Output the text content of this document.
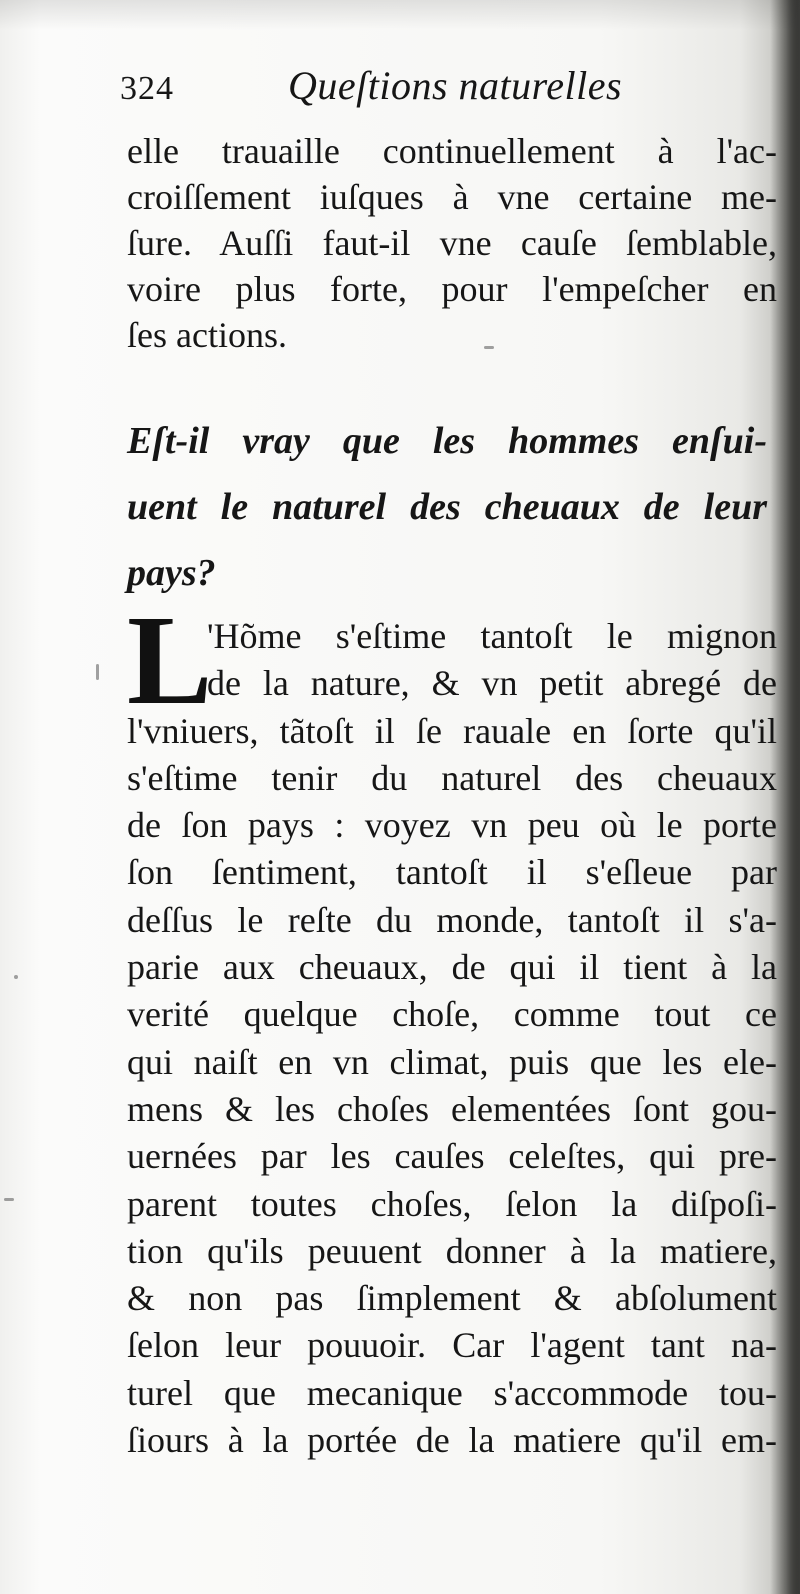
324	Queſtions naturelles
elle trauaille continuellement à l'ac-
croiſſement iuſques à vne certaine me-
ſure. Auſſi faut-il vne cauſe ſemblable,
voire plus forte, pour l'empeſcher en
ſes actions.
Eſt-il vray que les hommes enſui-
uent le naturel des cheuaux de leur
pays?
L
'Hõme s'eſtime tantoſt le mignon
de la nature, & vn petit abregé de
l'vniuers, tãtoſt il ſe rauale en ſorte qu'il
s'eſtime tenir du naturel des cheuaux
de ſon pays : voyez vn peu où le porte
ſon ſentiment, tantoſt il s'eſleue par
deſſus le reſte du monde, tantoſt il s'a-
parie aux cheuaux, de qui il tient à la
verité quelque choſe, comme tout ce
qui naiſt en vn climat, puis que les ele-
mens & les choſes elementées ſont gou-
uernées par les cauſes celeſtes, qui pre-
parent toutes choſes, ſelon la diſpoſi-
tion qu'ils peuuent donner à la matiere,
& non pas ſimplement & abſolument
ſelon leur pouuoir. Car l'agent tant na-
turel que mecanique s'accommode tou-
ſiours à la portée de la matiere qu'il em-
